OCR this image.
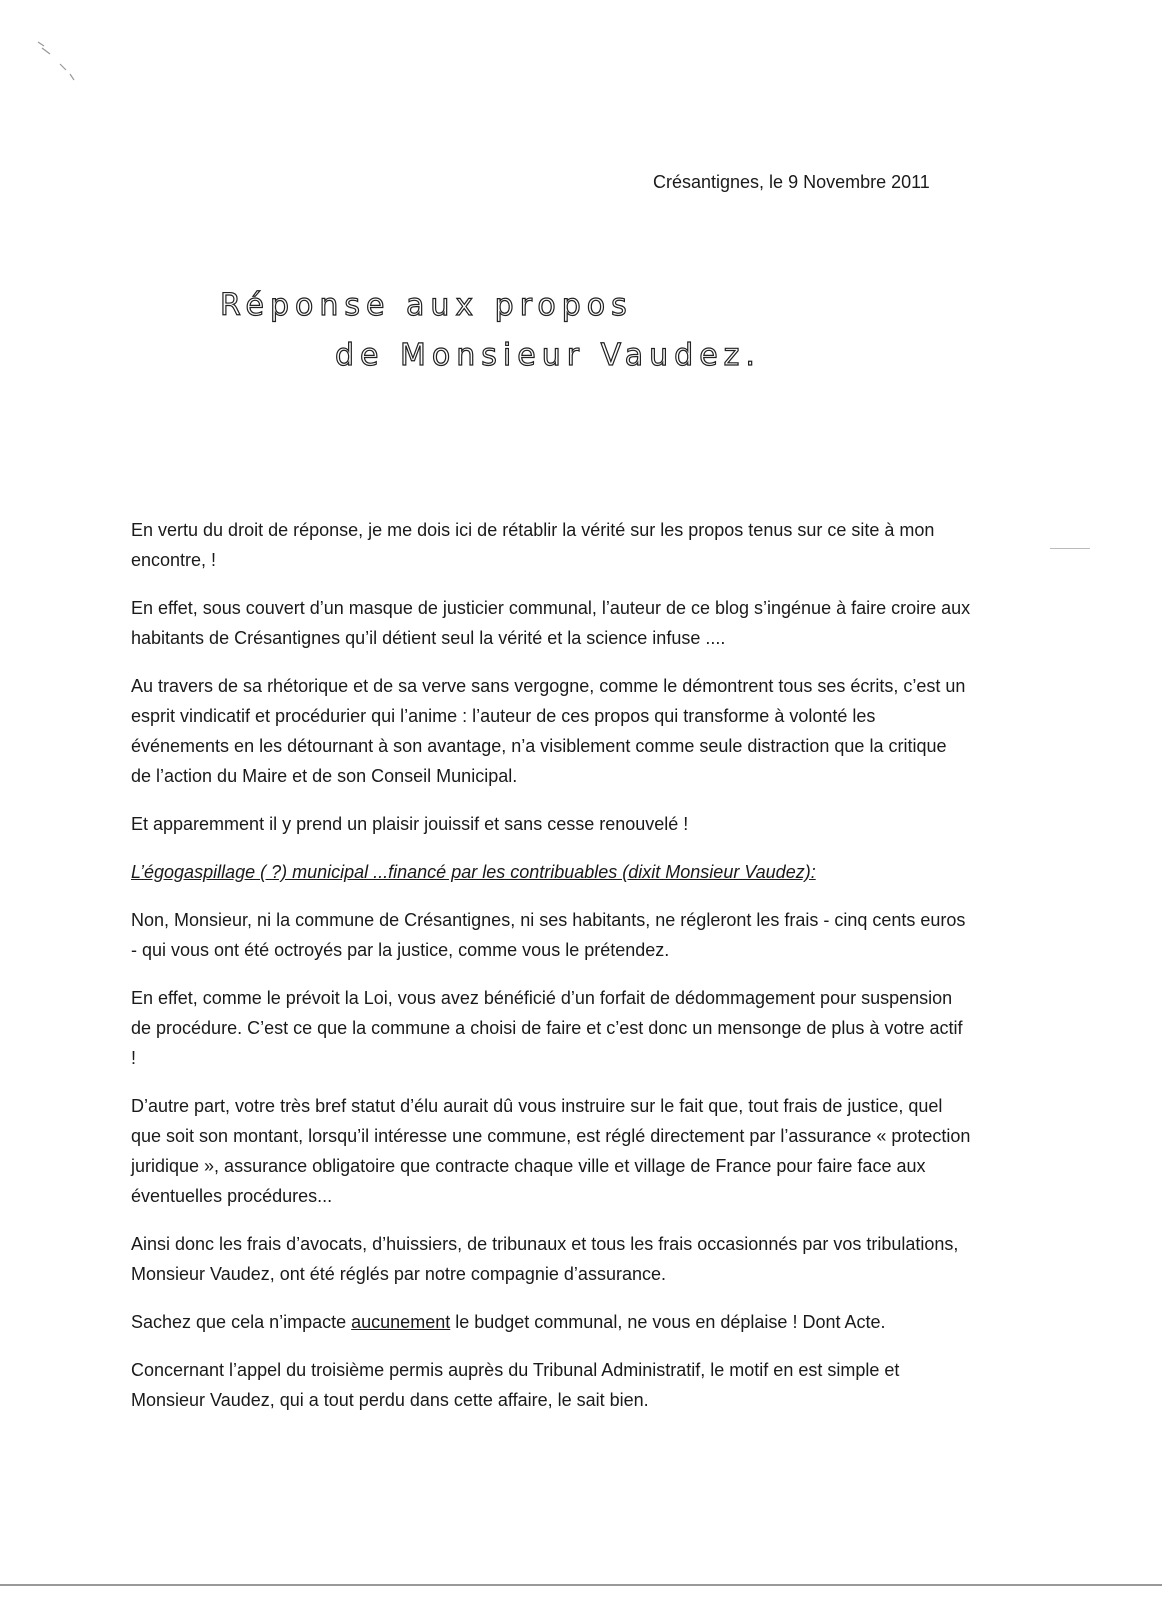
Crésantignes, le 9 Novembre 2011
Réponse aux propos
de Monsieur Vaudez.

En vertu du droit de réponse, je me dois ici de rétablir la vérité sur les propos tenus sur ce site à mon encontre, !

En effet, sous couvert d’un masque de justicier communal, l’auteur de ce blog s’ingénue à faire croire aux habitants de Crésantignes qu’il détient seul la vérité et la science infuse ....

Au travers de sa rhétorique et de sa verve sans vergogne, comme le démontrent tous ses écrits, c’est un esprit vindicatif et procédurier qui l’anime : l’auteur de ces propos qui transforme à volonté les événements en les détournant à son avantage, n’a visiblement comme seule distraction que la critique de l’action du Maire et de son Conseil Municipal.

Et apparemment il y prend un plaisir jouissif et sans cesse renouvelé !

L’égogaspillage ( ?) municipal ...financé par les contribuables (dixit Monsieur Vaudez):

Non, Monsieur, ni la commune de Crésantignes, ni ses habitants, ne régleront les frais - cinq cents euros - qui vous ont été octroyés par la justice, comme vous le prétendez.

En effet, comme le prévoit la Loi, vous avez bénéficié d’un forfait de dédommagement pour suspension de procédure. C’est ce que la commune a choisi de faire et c’est donc un mensonge de plus à votre actif !

D’autre part, votre très bref statut d’élu aurait dû vous instruire sur le fait que, tout frais de justice, quel que soit son montant, lorsqu’il intéresse une commune, est réglé directement par l’assurance « protection juridique », assurance obligatoire que contracte chaque ville et village de France pour faire face aux éventuelles procédures...

Ainsi donc les frais d’avocats, d’huissiers, de tribunaux et tous les frais occasionnés par vos tribulations, Monsieur Vaudez, ont été réglés par notre compagnie d’assurance.

Sachez que cela n’impacte aucunement le budget communal, ne vous en déplaise ! Dont Acte.

Concernant l’appel du troisième permis auprès du Tribunal Administratif, le motif en est simple et Monsieur Vaudez, qui a tout perdu dans cette affaire, le sait bien.
